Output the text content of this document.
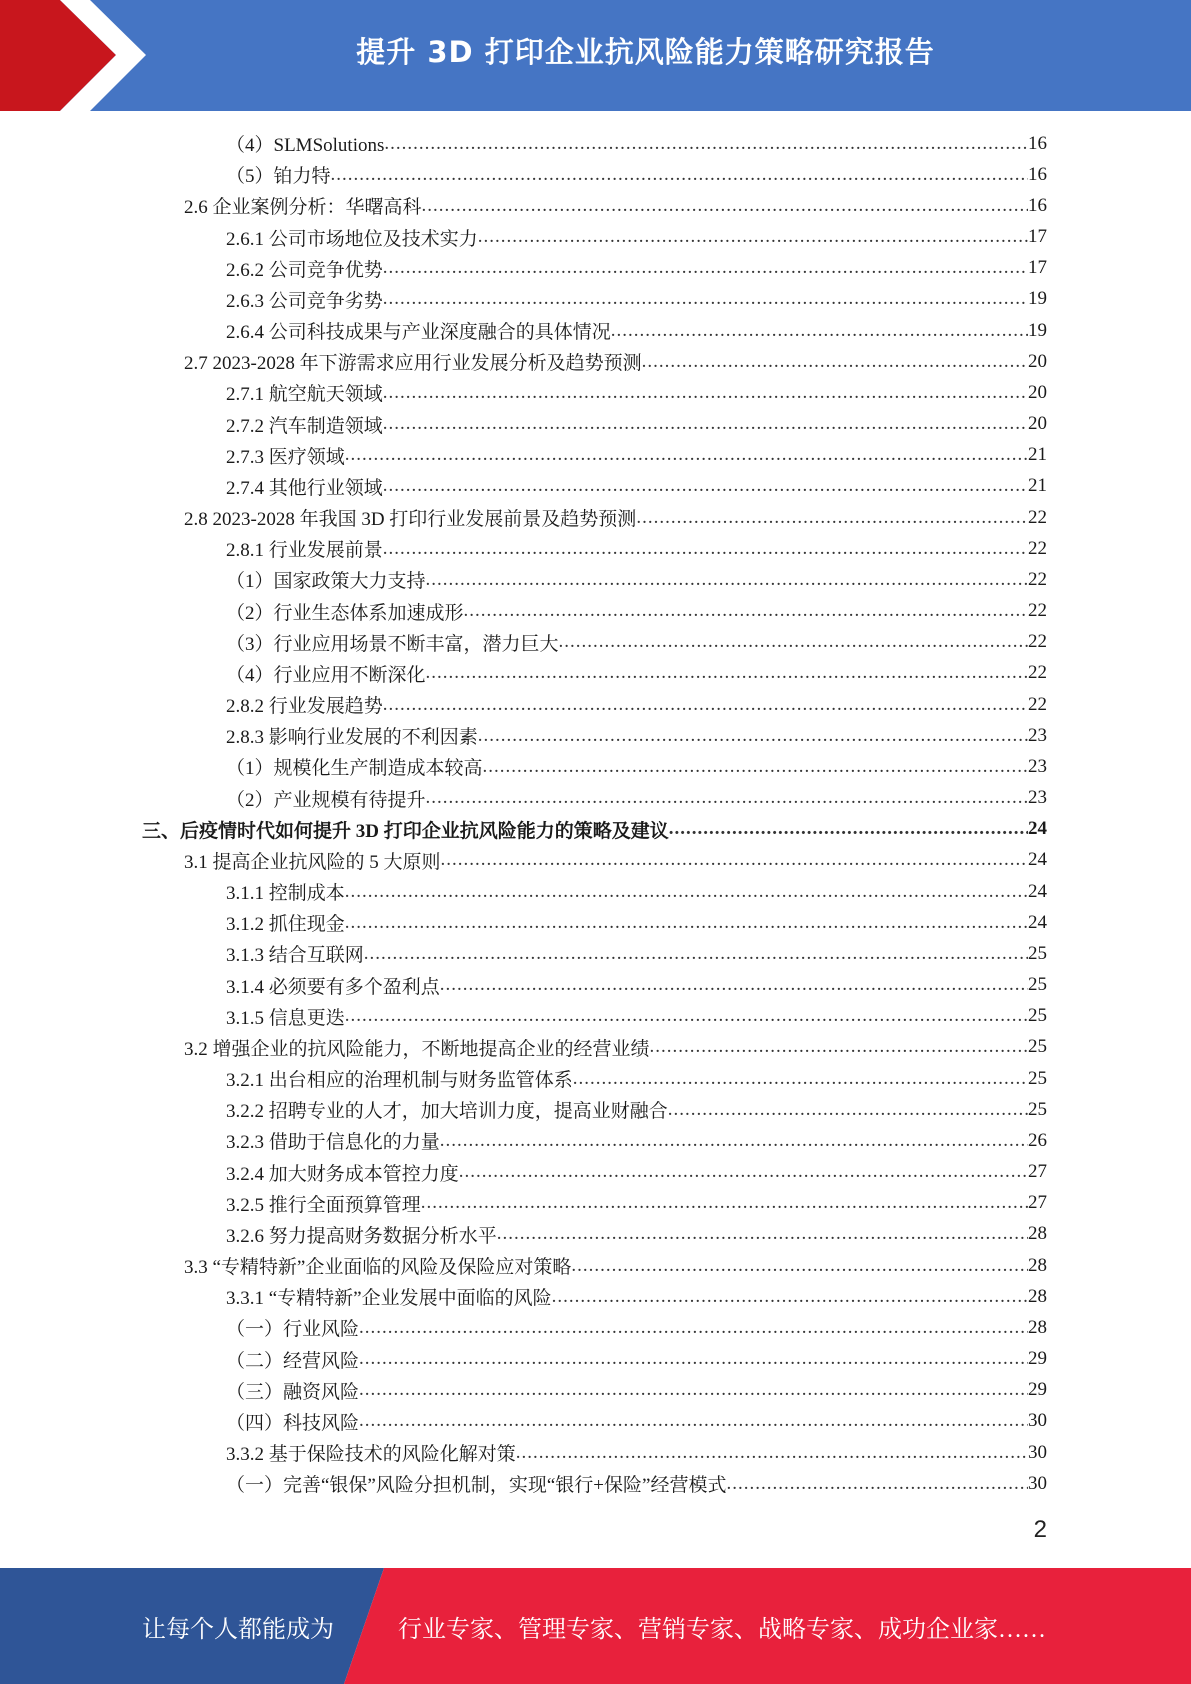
提升 3D 打印企业抗风险能力策略研究报告
（4）SLMSolutions .....	16
（5）铂力特 .....	16
2.6 企业案例分析：华曙高科 .....	16
2.6.1 公司市场地位及技术实力 .....	17
2.6.2 公司竞争优势 .....	17
2.6.3 公司竞争劣势 .....	19
2.6.4 公司科技成果与产业深度融合的具体情况 .....	19
2.7 2023-2028 年下游需求应用行业发展分析及趋势预测 .....	20
2.7.1 航空航天领域 .....	20
2.7.2 汽车制造领域 .....	20
2.7.3 医疗领域 .....	21
2.7.4 其他行业领域 .....	21
2.8 2023-2028 年我国 3D 打印行业发展前景及趋势预测 .....	22
2.8.1 行业发展前景 .....	22
（1）国家政策大力支持 .....	22
（2）行业生态体系加速成形 .....	22
（3）行业应用场景不断丰富，潜力巨大 .....	22
（4）行业应用不断深化 .....	22
2.8.2 行业发展趋势 .....	22
2.8.3 影响行业发展的不利因素 .....	23
（1）规模化生产制造成本较高 .....	23
（2）产业规模有待提升 .....	23
三、后疫情时代如何提升 3D 打印企业抗风险能力的策略及建议 .....	24
3.1 提高企业抗风险的 5 大原则 .....	24
3.1.1 控制成本 .....	24
3.1.2 抓住现金 .....	24
3.1.3 结合互联网 .....	25
3.1.4 必须要有多个盈利点 .....	25
3.1.5 信息更迭 .....	25
3.2 增强企业的抗风险能力，不断地提高企业的经营业绩 .....	25
3.2.1 出台相应的治理机制与财务监管体系 .....	25
3.2.2 招聘专业的人才，加大培训力度，提高业财融合 .....	25
3.2.3 借助于信息化的力量 .....	26
3.2.4 加大财务成本管控力度 .....	27
3.2.5 推行全面预算管理 .....	27
3.2.6 努力提高财务数据分析水平 .....	28
3.3 “专精特新”企业面临的风险及保险应对策略 .....	28
3.3.1 “专精特新”企业发展中面临的风险 .....	28
（一）行业风险 .....	28
（二）经营风险 .....	29
（三）融资风险 .....	29
（四）科技风险 .....	30
3.3.2 基于保险技术的风险化解对策 .....	30
（一）完善“银保”风险分担机制，实现“银行+保险”经营模式 .....	30
2
让每个人都能成为	行业专家、管理专家、营销专家、战略专家、成功企业家……
